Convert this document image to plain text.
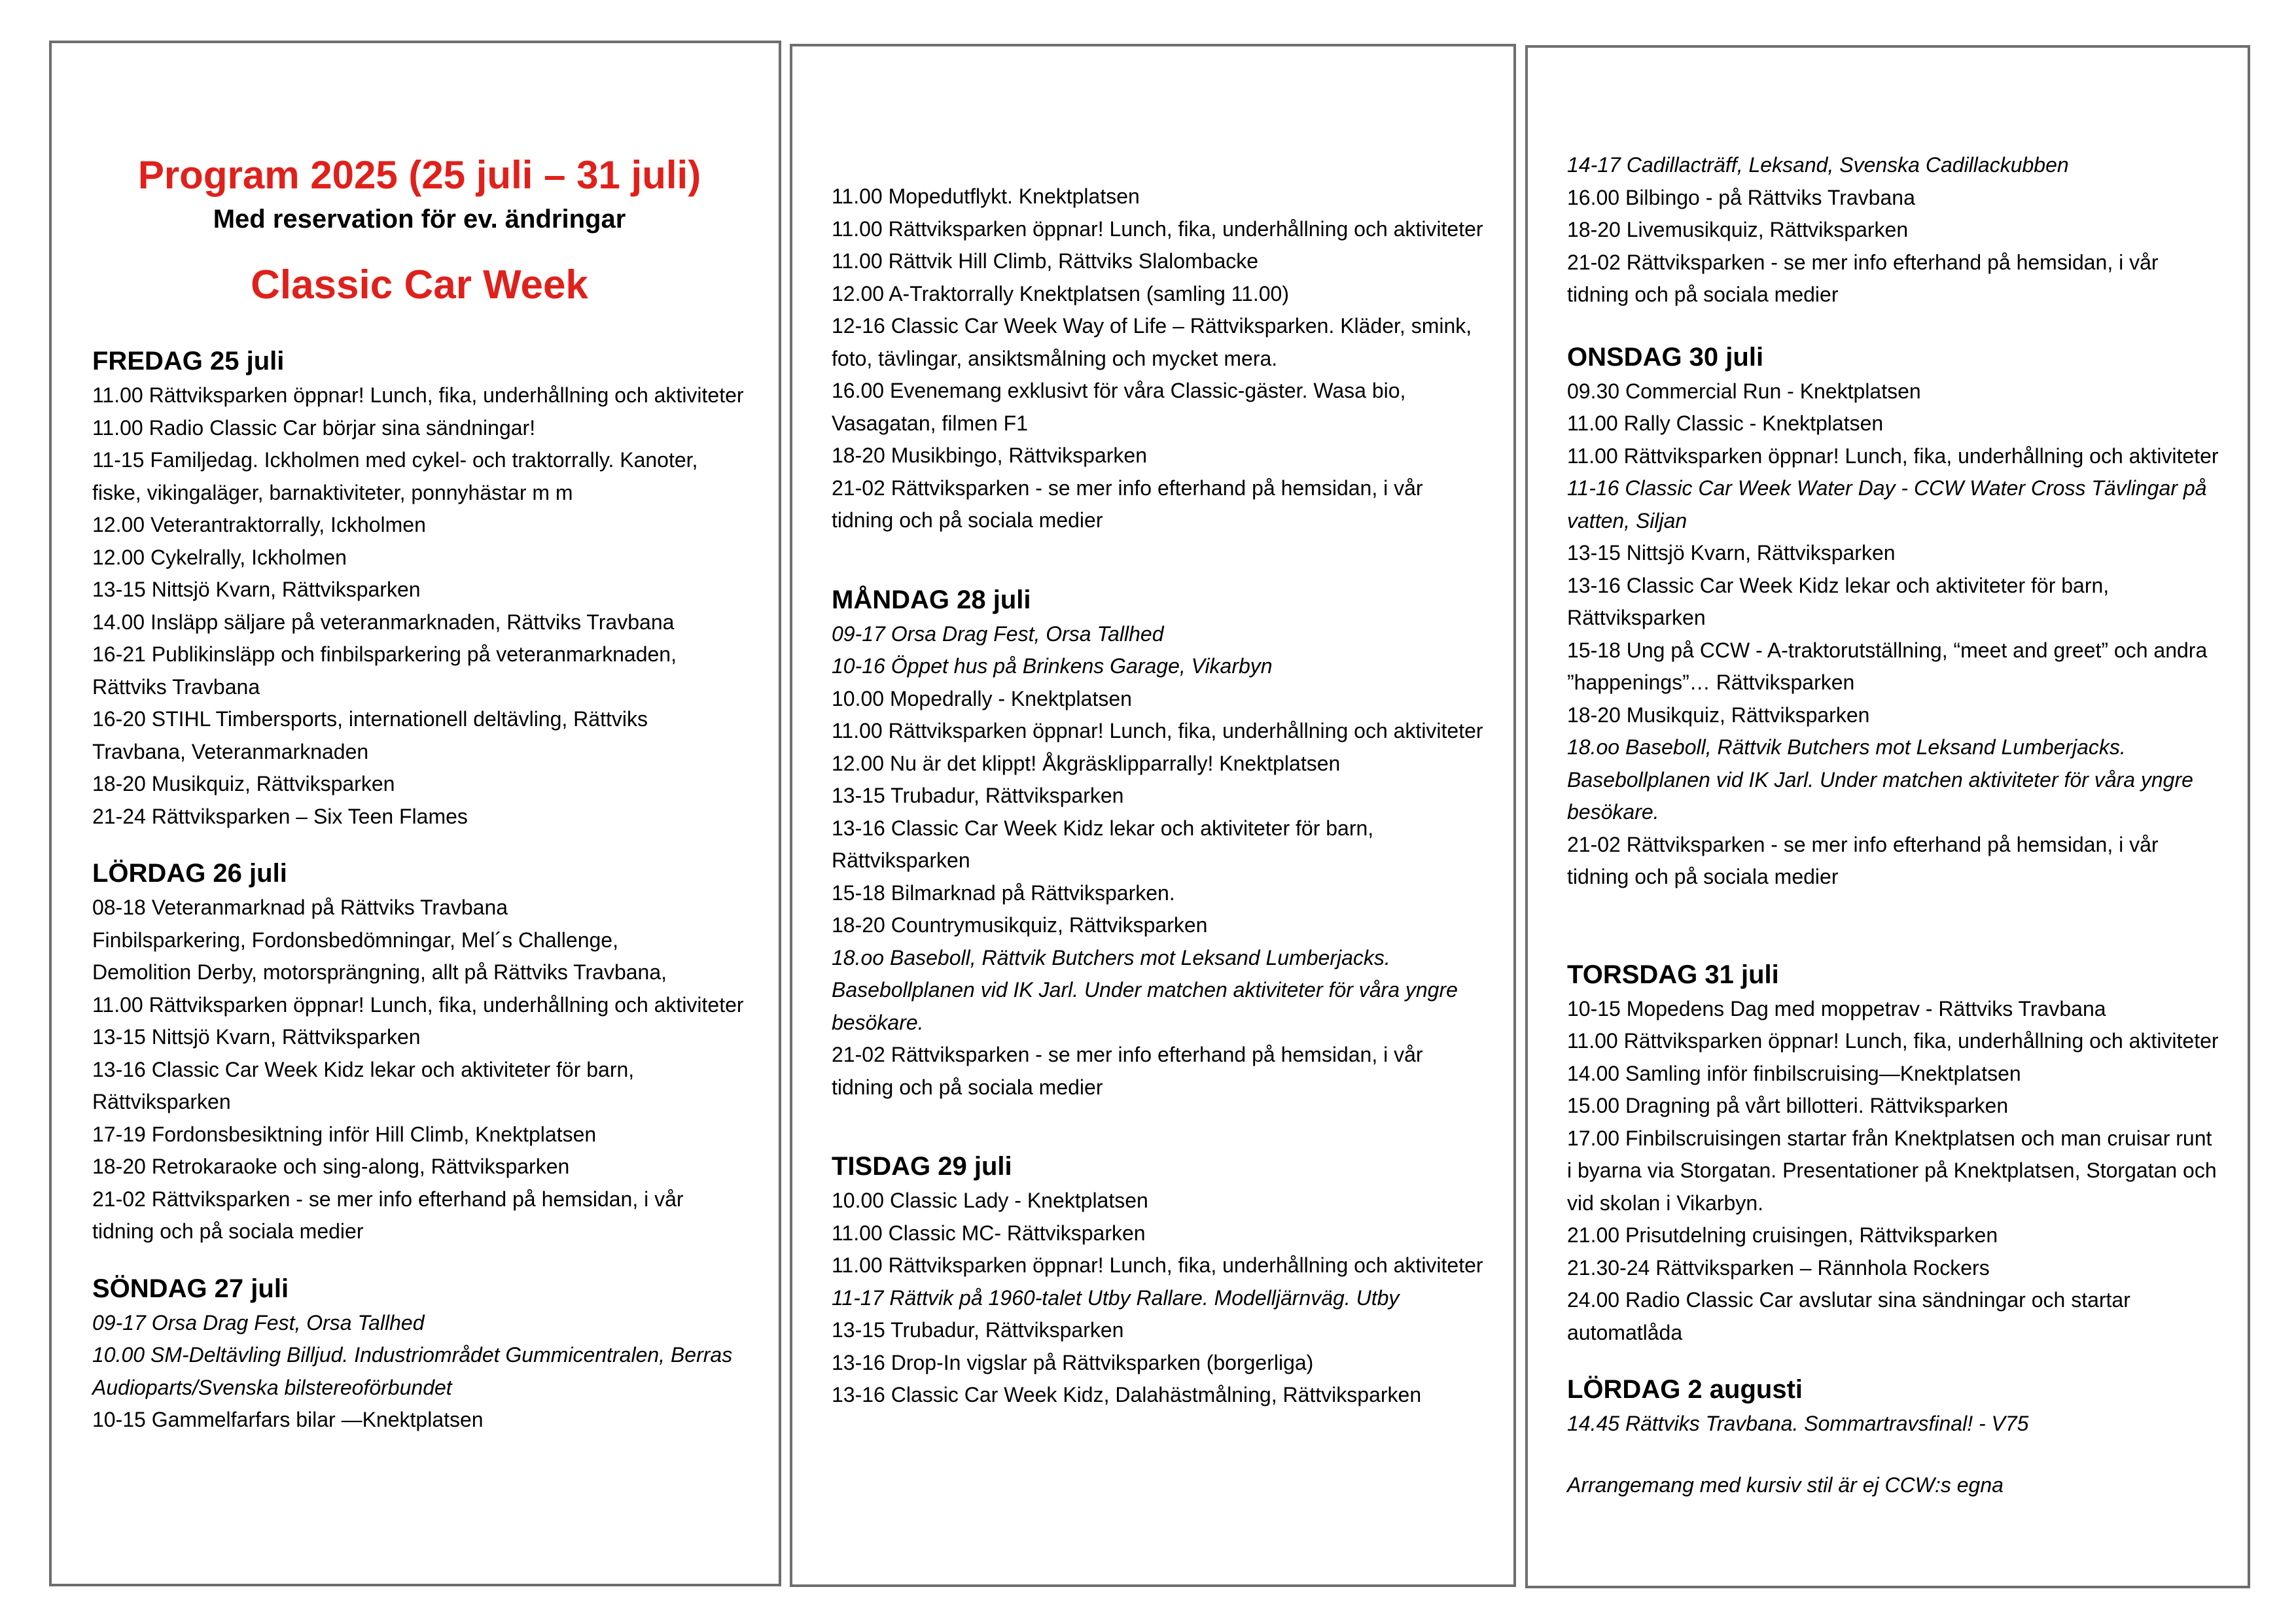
Program 2025 (25 juli – 31 juli)
Med reservation för ev. ändringar
Classic Car Week
FREDAG 25 juli
11.00 Rättviksparken öppnar! Lunch, fika, underhållning och aktiviteter
11.00 Radio Classic Car börjar sina sändningar!
11-15 Familjedag. Ickholmen med cykel- och traktorrally. Kanoter, fiske, vikingaläger, barnaktiviteter, ponnyhästar m m
12.00 Veterantraktorrally, Ickholmen
12.00 Cykelrally, Ickholmen
13-15 Nittsjö Kvarn, Rättviksparken
14.00 Insläpp säljare på veteranmarknaden, Rättviks Travbana
16-21 Publikinsläpp och finbilsparkering på veteranmarknaden, Rättviks Travbana
16-20 STIHL Timbersports, internationell deltävling, Rättviks Travbana, Veteranmarknaden
18-20 Musikquiz, Rättviksparken
21-24 Rättviksparken – Six Teen Flames
LÖRDAG 26 juli
08-18 Veteranmarknad på Rättviks Travbana
Finbilsparkering, Fordonsbedömningar, Mel´s Challenge,
Demolition Derby, motorsprängning, allt på Rättviks Travbana,
11.00 Rättviksparken öppnar! Lunch, fika, underhållning och aktiviteter
13-15 Nittsjö Kvarn, Rättviksparken
13-16 Classic Car Week Kidz lekar och aktiviteter för barn, Rättviksparken
17-19 Fordonsbesiktning inför Hill Climb, Knektplatsen
18-20 Retrokaraoke och sing-along, Rättviksparken
21-02 Rättviksparken - se mer info efterhand på hemsidan, i vår tidning och på sociala medier
SÖNDAG 27 juli
09-17 Orsa Drag Fest, Orsa Tallhed
10.00 SM-Deltävling Billjud. Industriområdet Gummicentralen, Berras Audioparts/Svenska bilstereoförbundet
10-15 Gammelfarfars bilar —Knektplatsen
11.00 Mopedutflykt. Knektplatsen
11.00 Rättviksparken öppnar! Lunch, fika, underhållning och aktiviteter
11.00 Rättvik Hill Climb, Rättviks Slalombacke
12.00 A-Traktorrally Knektplatsen (samling 11.00)
12-16 Classic Car Week Way of Life – Rättviksparken. Kläder, smink, foto, tävlingar, ansiktsmålning och mycket mera.
16.00 Evenemang exklusivt för våra Classic-gäster. Wasa bio, Vasagatan, filmen F1
18-20 Musikbingo, Rättviksparken
21-02 Rättviksparken - se mer info efterhand på hemsidan, i vår tidning och på sociala medier
MÅNDAG 28 juli
09-17 Orsa Drag Fest, Orsa Tallhed
10-16 Öppet hus på Brinkens Garage, Vikarbyn
10.00 Mopedrally - Knektplatsen
11.00 Rättviksparken öppnar! Lunch, fika, underhållning och aktiviteter
12.00 Nu är det klippt! Åkgräsklipparrally! Knektplatsen
13-15 Trubadur, Rättviksparken
13-16 Classic Car Week Kidz lekar och aktiviteter för barn, Rättviksparken
15-18 Bilmarknad på Rättviksparken.
18-20 Countrymusikquiz, Rättviksparken
18.oo Baseboll, Rättvik Butchers mot Leksand Lumberjacks. Basebollplanen vid IK Jarl. Under matchen aktiviteter för våra yngre besökare.
21-02 Rättviksparken - se mer info efterhand på hemsidan, i vår tidning och på sociala medier
TISDAG 29 juli
10.00 Classic Lady - Knektplatsen
11.00 Classic MC- Rättviksparken
11.00 Rättviksparken öppnar! Lunch, fika, underhållning och aktiviteter
11-17 Rättvik på 1960-talet Utby Rallare. Modelljärnväg. Utby
13-15 Trubadur, Rättviksparken
13-16 Drop-In vigslar på Rättviksparken (borgerliga)
13-16 Classic Car Week Kidz, Dalahästmålning, Rättviksparken
14-17 Cadillacträff, Leksand, Svenska Cadillackubben
16.00 Bilbingo - på Rättviks Travbana
18-20 Livemusikquiz, Rättviksparken
21-02 Rättviksparken - se mer info efterhand på hemsidan, i vår tidning och på sociala medier
ONSDAG 30 juli
09.30 Commercial Run - Knektplatsen
11.00 Rally Classic - Knektplatsen
11.00 Rättviksparken öppnar! Lunch, fika, underhållning och aktiviteter
11-16 Classic Car Week Water Day - CCW Water Cross Tävlingar på vatten, Siljan
13-15 Nittsjö Kvarn, Rättviksparken
13-16 Classic Car Week Kidz lekar och aktiviteter för barn, Rättviksparken
15-18 Ung på CCW - A-traktorutställning, “meet and greet” och andra ”happenings”… Rättviksparken
18-20 Musikquiz, Rättviksparken
18.oo Baseboll, Rättvik Butchers mot Leksand Lumberjacks. Basebollplanen vid IK Jarl. Under matchen aktiviteter för våra yngre besökare.
21-02 Rättviksparken - se mer info efterhand på hemsidan, i vår tidning och på sociala medier
TORSDAG 31 juli
10-15 Mopedens Dag med moppetrav - Rättviks Travbana
11.00 Rättviksparken öppnar! Lunch, fika, underhållning och aktiviteter
14.00 Samling inför finbilscruising—Knektplatsen
15.00 Dragning på vårt billotteri. Rättviksparken
17.00 Finbilscruisingen startar från Knektplatsen och man cruisar runt i byarna via Storgatan. Presentationer på Knektplatsen, Storgatan och vid skolan i Vikarbyn.
21.00 Prisutdelning cruisingen, Rättviksparken
21.30-24 Rättviksparken – Rännhola Rockers
24.00 Radio Classic Car avslutar sina sändningar och startar automatlåda
LÖRDAG 2 augusti
14.45 Rättviks Travbana. Sommartravsfinal! - V75
Arrangemang med kursiv stil är ej CCW:s egna
